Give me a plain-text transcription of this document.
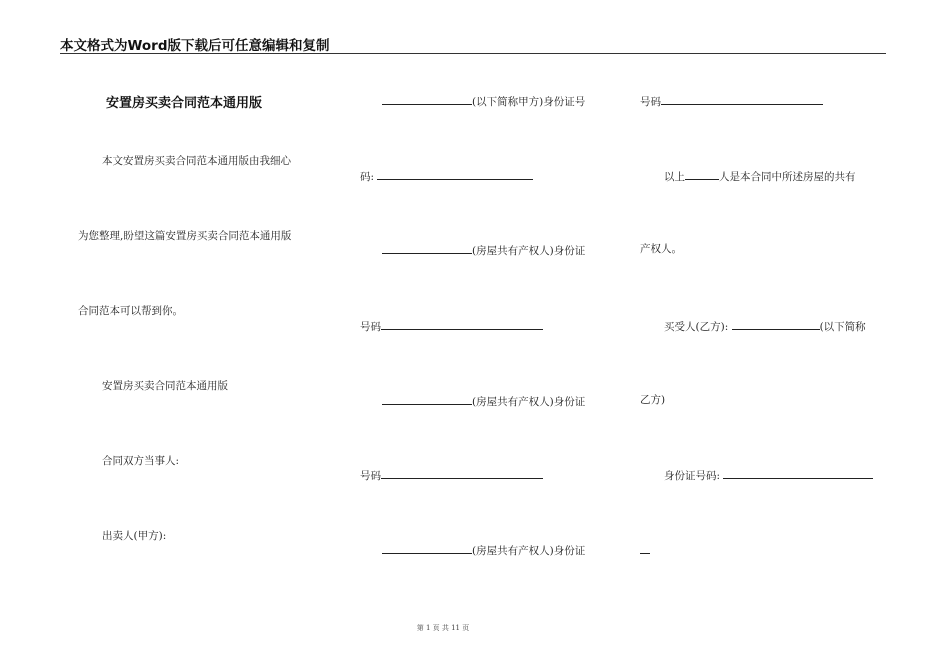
本文格式为Word版下载后可任意编辑和复制
安置房买卖合同范本通用版
本文安置房买卖合同范本通用版由我细心
为您整理,盼望这篇安置房买卖合同范本通用版
合同范本可以帮到你。
安置房买卖合同范本通用版
合同双方当事人:
出卖人(甲方):
(以下简称甲方)身份证号
码:
(房屋共有产权人)身份证
号码
(房屋共有产权人)身份证
号码
(房屋共有产权人)身份证
号码
以上	人是本合同中所述房屋的共有
产权人。
买受人(乙方):	(以下简称
乙方)
身份证号码:
第 1 页 共 11 页
